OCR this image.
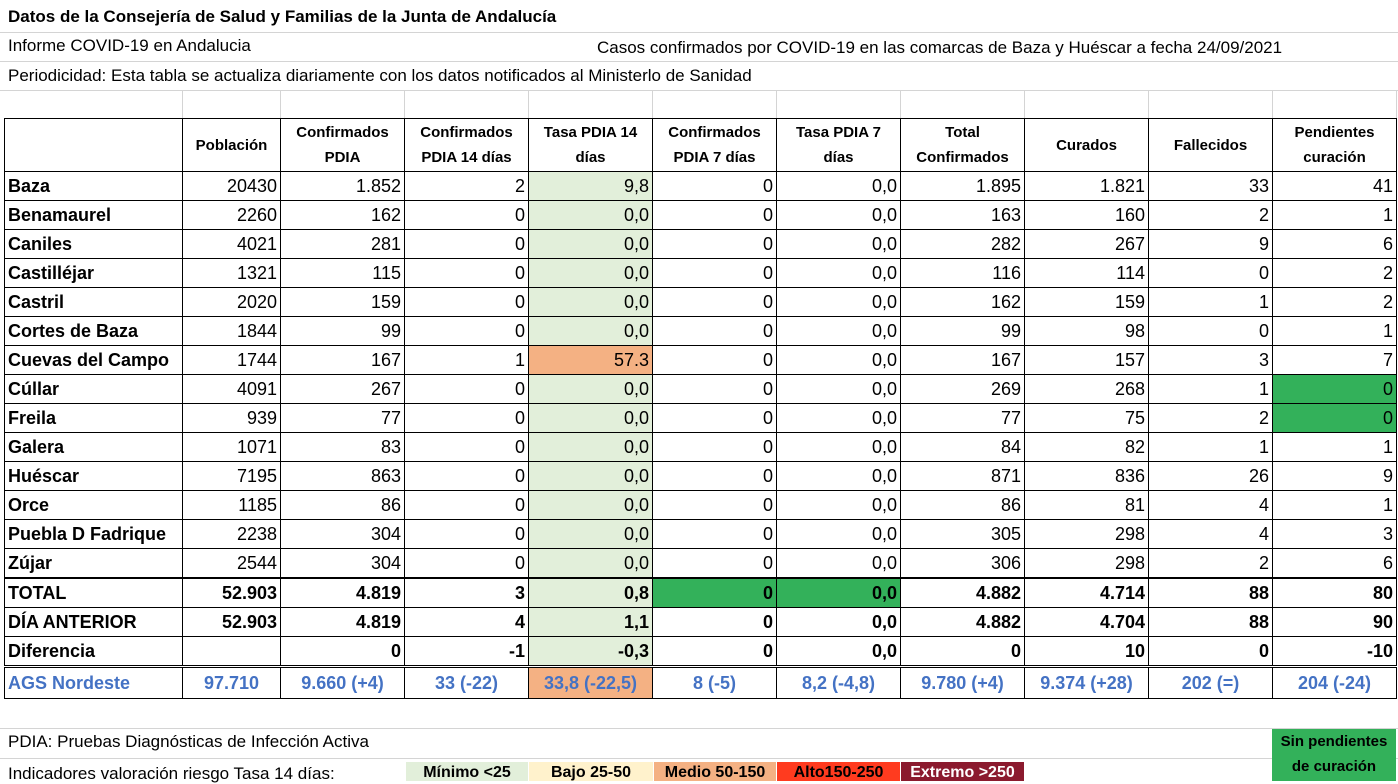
Datos de la Consejería de Salud y Familias de la Junta de Andalucía
Informe COVID-19 en Andalucia	Casos confirmados por COVID-19 en las comarcas de Baza y Huéscar a fecha 24/09/2021
Periodicidad: Esta tabla se actualiza diariamente con los datos notificados al Ministerlo de Sanidad
	Población	Confirmados PDIA	Confirmados PDIA 14 días	Tasa PDIA 14 días	Confirmados PDIA 7 días	Tasa PDIA 7 días	Total Confirmados	Curados	Fallecidos	Pendientes curación
Baza	20430	1.852	2	9,8	0	0,0	1.895	1.821	33	41
Benamaurel	2260	162	0	0,0	0	0,0	163	160	2	1
Caniles	4021	281	0	0,0	0	0,0	282	267	9	6
Castilléjar	1321	115	0	0,0	0	0,0	116	114	0	2
Castril	2020	159	0	0,0	0	0,0	162	159	1	2
Cortes de Baza	1844	99	0	0,0	0	0,0	99	98	0	1
Cuevas del Campo	1744	167	1	57.3	0	0,0	167	157	3	7
Cúllar	4091	267	0	0,0	0	0,0	269	268	1	0
Freila	939	77	0	0,0	0	0,0	77	75	2	0
Galera	1071	83	0	0,0	0	0,0	84	82	1	1
Huéscar	7195	863	0	0,0	0	0,0	871	836	26	9
Orce	1185	86	0	0,0	0	0,0	86	81	4	1
Puebla D Fadrique	2238	304	0	0,0	0	0,0	305	298	4	3
Zújar	2544	304	0	0,0	0	0,0	306	298	2	6
TOTAL	52.903	4.819	3	0,8	0	0,0	4.882	4.714	88	80
DÍA ANTERIOR	52.903	4.819	4	1,1	0	0,0	4.882	4.704	88	90
Diferencia		0	-1	-0,3	0	0,0	0	10	0	-10
AGS Nordeste	97.710	9.660 (+4)	33 (-22)	33,8 (-22,5)	8 (-5)	8,2 (-4,8)	9.780 (+4)	9.374 (+28)	202 (=)	204 (-24)
PDIA: Pruebas Diagnósticas de Infección Activa
Indicadores valoración riesgo Tasa 14 días:	Mínimo <25	Bajo 25-50	Medio 50-150	Alto150-250	Extremo >250
Sin pendientes de curación
